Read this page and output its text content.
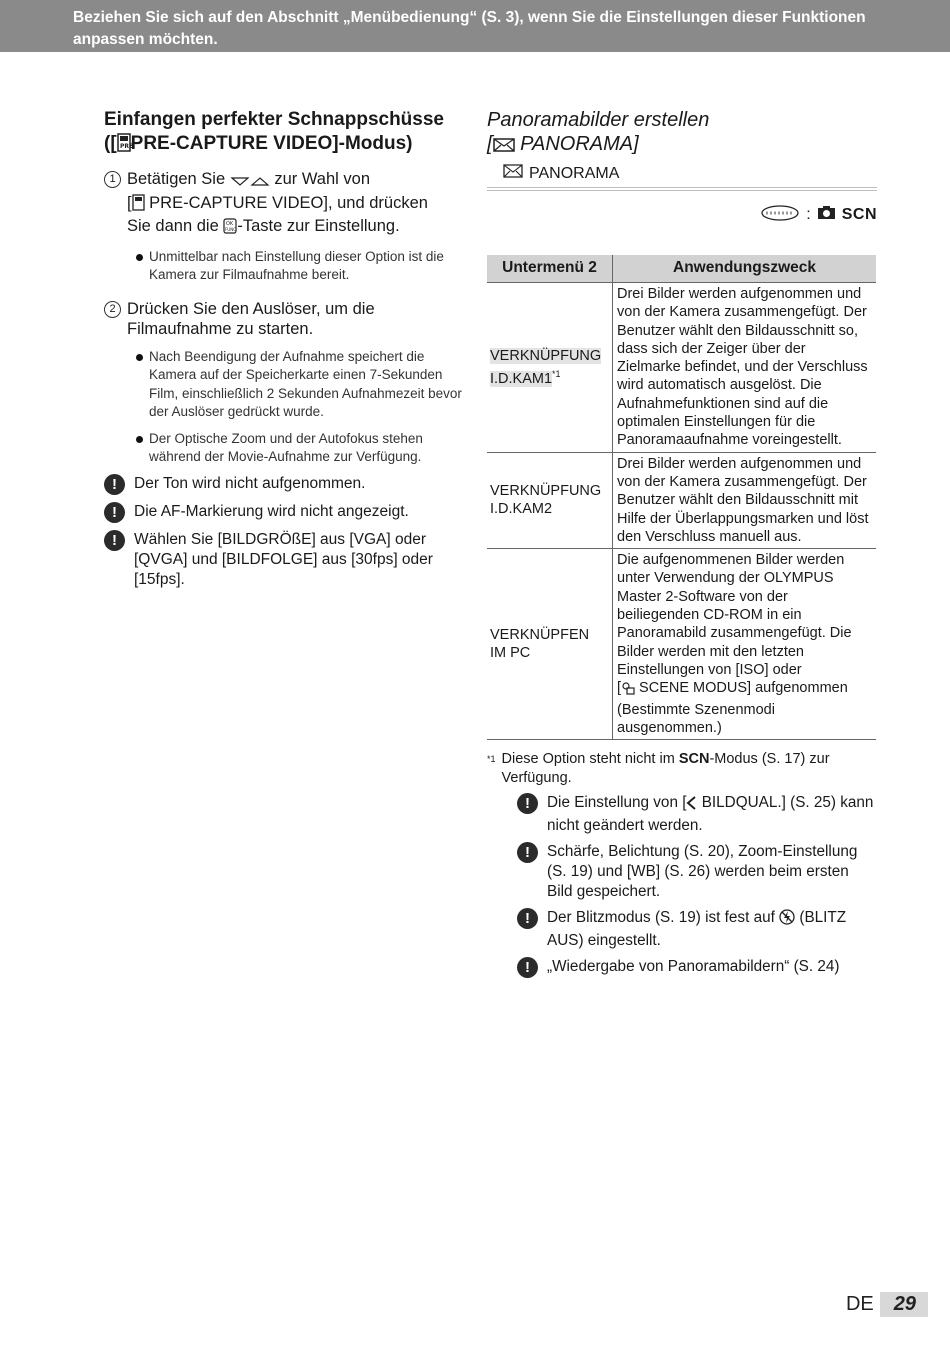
Beziehen Sie sich auf den Abschnitt „Menübedienung“ (S. 3), wenn Sie die Einstellungen dieser Funktionen anpassen möchten.
Einfangen perfekter Schnappschüsse
([ PRE
PRE-CAPTURE VIDEO]-Modus)
1 Betätigen Sie	zur Wahl von
[ PRE-CAPTURE VIDEO], und drücken
Sie dann die OK
FUNC -Taste zur Einstellung.
Unmittelbar nach Einstellung dieser Option ist die Kamera zur Filmaufnahme bereit.
2 Drücken Sie den Auslöser, um die Filmaufnahme zu starten.
Nach Beendigung der Aufnahme speichert die Kamera auf der Speicherkarte einen 7-Sekunden Film, einschließlich 2 Sekunden Aufnahmezeit bevor der Auslöser gedrückt wurde.
Der Optische Zoom und der Autofokus stehen während der Movie-Aufnahme zur Verfügung.
!	Der Ton wird nicht aufgenommen.
!	Die AF-Markierung wird nicht angezeigt.
!	Wählen Sie [BILDGRÖßE] aus [VGA] oder [QVGA] und [BILDFOLGE] aus [30fps] oder [15fps].
Panoramabilder erstellen
[ PANORAMA]
PANORAMA
: SCN
Untermenü 2	Anwendungszweck
VERKNÜPFUNG
I.D.KAM1$^{*1}$	Drei Bilder werden aufgenommen und von der Kamera zusammengefügt. Der Benutzer wählt den Bildausschnitt so, dass sich der Zeiger über der Zielmarke befindet, und der Verschluss wird automatisch ausgelöst. Die Aufnahmefunktionen sind auf die optimalen Einstellungen für die Panoramaaufnahme voreingestellt.
VERKNÜPFUNG
I.D.KAM2	Drei Bilder werden aufgenommen und von der Kamera zusammengefügt. Der Benutzer wählt den Bildausschnitt mit Hilfe der Überlappungsmarken und löst den Verschluss manuell aus.
VERKNÜPFEN
IM PC	Die aufgenommenen Bilder werden unter Verwendung der OLYMPUS Master 2-Software von der beiliegenden CD-ROM in ein Panoramabild zusammengefügt. Die Bilder werden mit den letzten Einstellungen von [ISO] oder
[ SCENE MODUS] aufgenommen (Bestimmte Szenenmodi ausgenommen.)
*1 Diese Option steht nicht im SCN-Modus (S. 17) zur Verfügung.
!	Die Einstellung von [ BILDQUAL.] (S. 25) kann nicht geändert werden.
!	Schärfe, Belichtung (S. 20), Zoom-Einstellung (S. 19) und [WB] (S. 26) werden beim ersten Bild gespeichert.
!	Der Blitzmodus (S. 19) ist fest auf  (BLITZ AUS) eingestellt.
!	„Wiedergabe von Panoramabildern“ (S. 24)
DE	29
